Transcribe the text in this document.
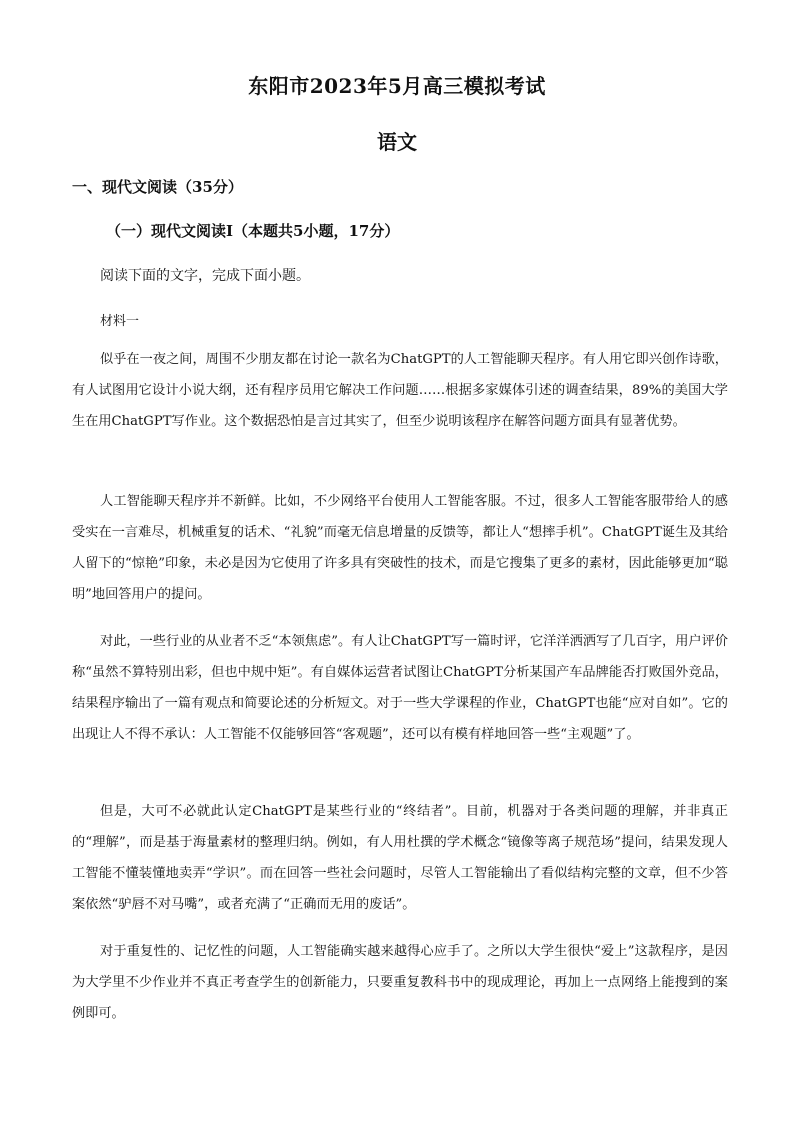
东阳市2023年5月高三模拟考试
语文
一、现代文阅读（35分）
（一）现代文阅读Ⅰ（本题共5小题，17分）
阅读下面的文字，完成下面小题。
材料一

似乎在一夜之间，周围不少朋友都在讨论一款名为ChatGPT的人工智能聊天程序。有人用它即兴创作诗歌，有人试图用它设计小说大纲，还有程序员用它解决工作问题……根据多家媒体引述的调查结果，89%的美国大学生在用ChatGPT写作业。这个数据恐怕是言过其实了，但至少说明该程序在解答问题方面具有显著优势。

人工智能聊天程序并不新鲜。比如，不少网络平台使用人工智能客服。不过，很多人工智能客服带给人的感受实在一言难尽，机械重复的话术、“礼貌”而毫无信息增量的反馈等，都让人“想摔手机”。ChatGPT诞生及其给人留下的“惊艳”印象，未必是因为它使用了许多具有突破性的技术，而是它搜集了更多的素材，因此能够更加“聪明”地回答用户的提问。

对此，一些行业的从业者不乏“本领焦虑”。有人让ChatGPT写一篇时评，它洋洋洒洒写了几百字，用户评价称“虽然不算特别出彩，但也中规中矩”。有自媒体运营者试图让ChatGPT分析某国产车品牌能否打败国外竞品，结果程序输出了一篇有观点和简要论述的分析短文。对于一些大学课程的作业，ChatGPT也能“应对自如”。它的出现让人不得不承认：人工智能不仅能够回答“客观题”，还可以有模有样地回答一些“主观题”了。

但是，大可不必就此认定ChatGPT是某些行业的“终结者”。目前，机器对于各类问题的理解，并非真正的“理解”，而是基于海量素材的整理归纳。例如，有人用杜撰的学术概念“镜像等离子规范场”提问，结果发现人工智能不懂装懂地卖弄“学识”。而在回答一些社会问题时，尽管人工智能输出了看似结构完整的文章，但不少答案依然“驴唇不对马嘴”，或者充满了“正确而无用的废话”。

对于重复性的、记忆性的问题，人工智能确实越来越得心应手了。之所以大学生很快“爱上”这款程序，是因为大学里不少作业并不真正考查学生的创新能力，只要重复教科书中的现成理论，再加上一点网络上能搜到的案例即可。
